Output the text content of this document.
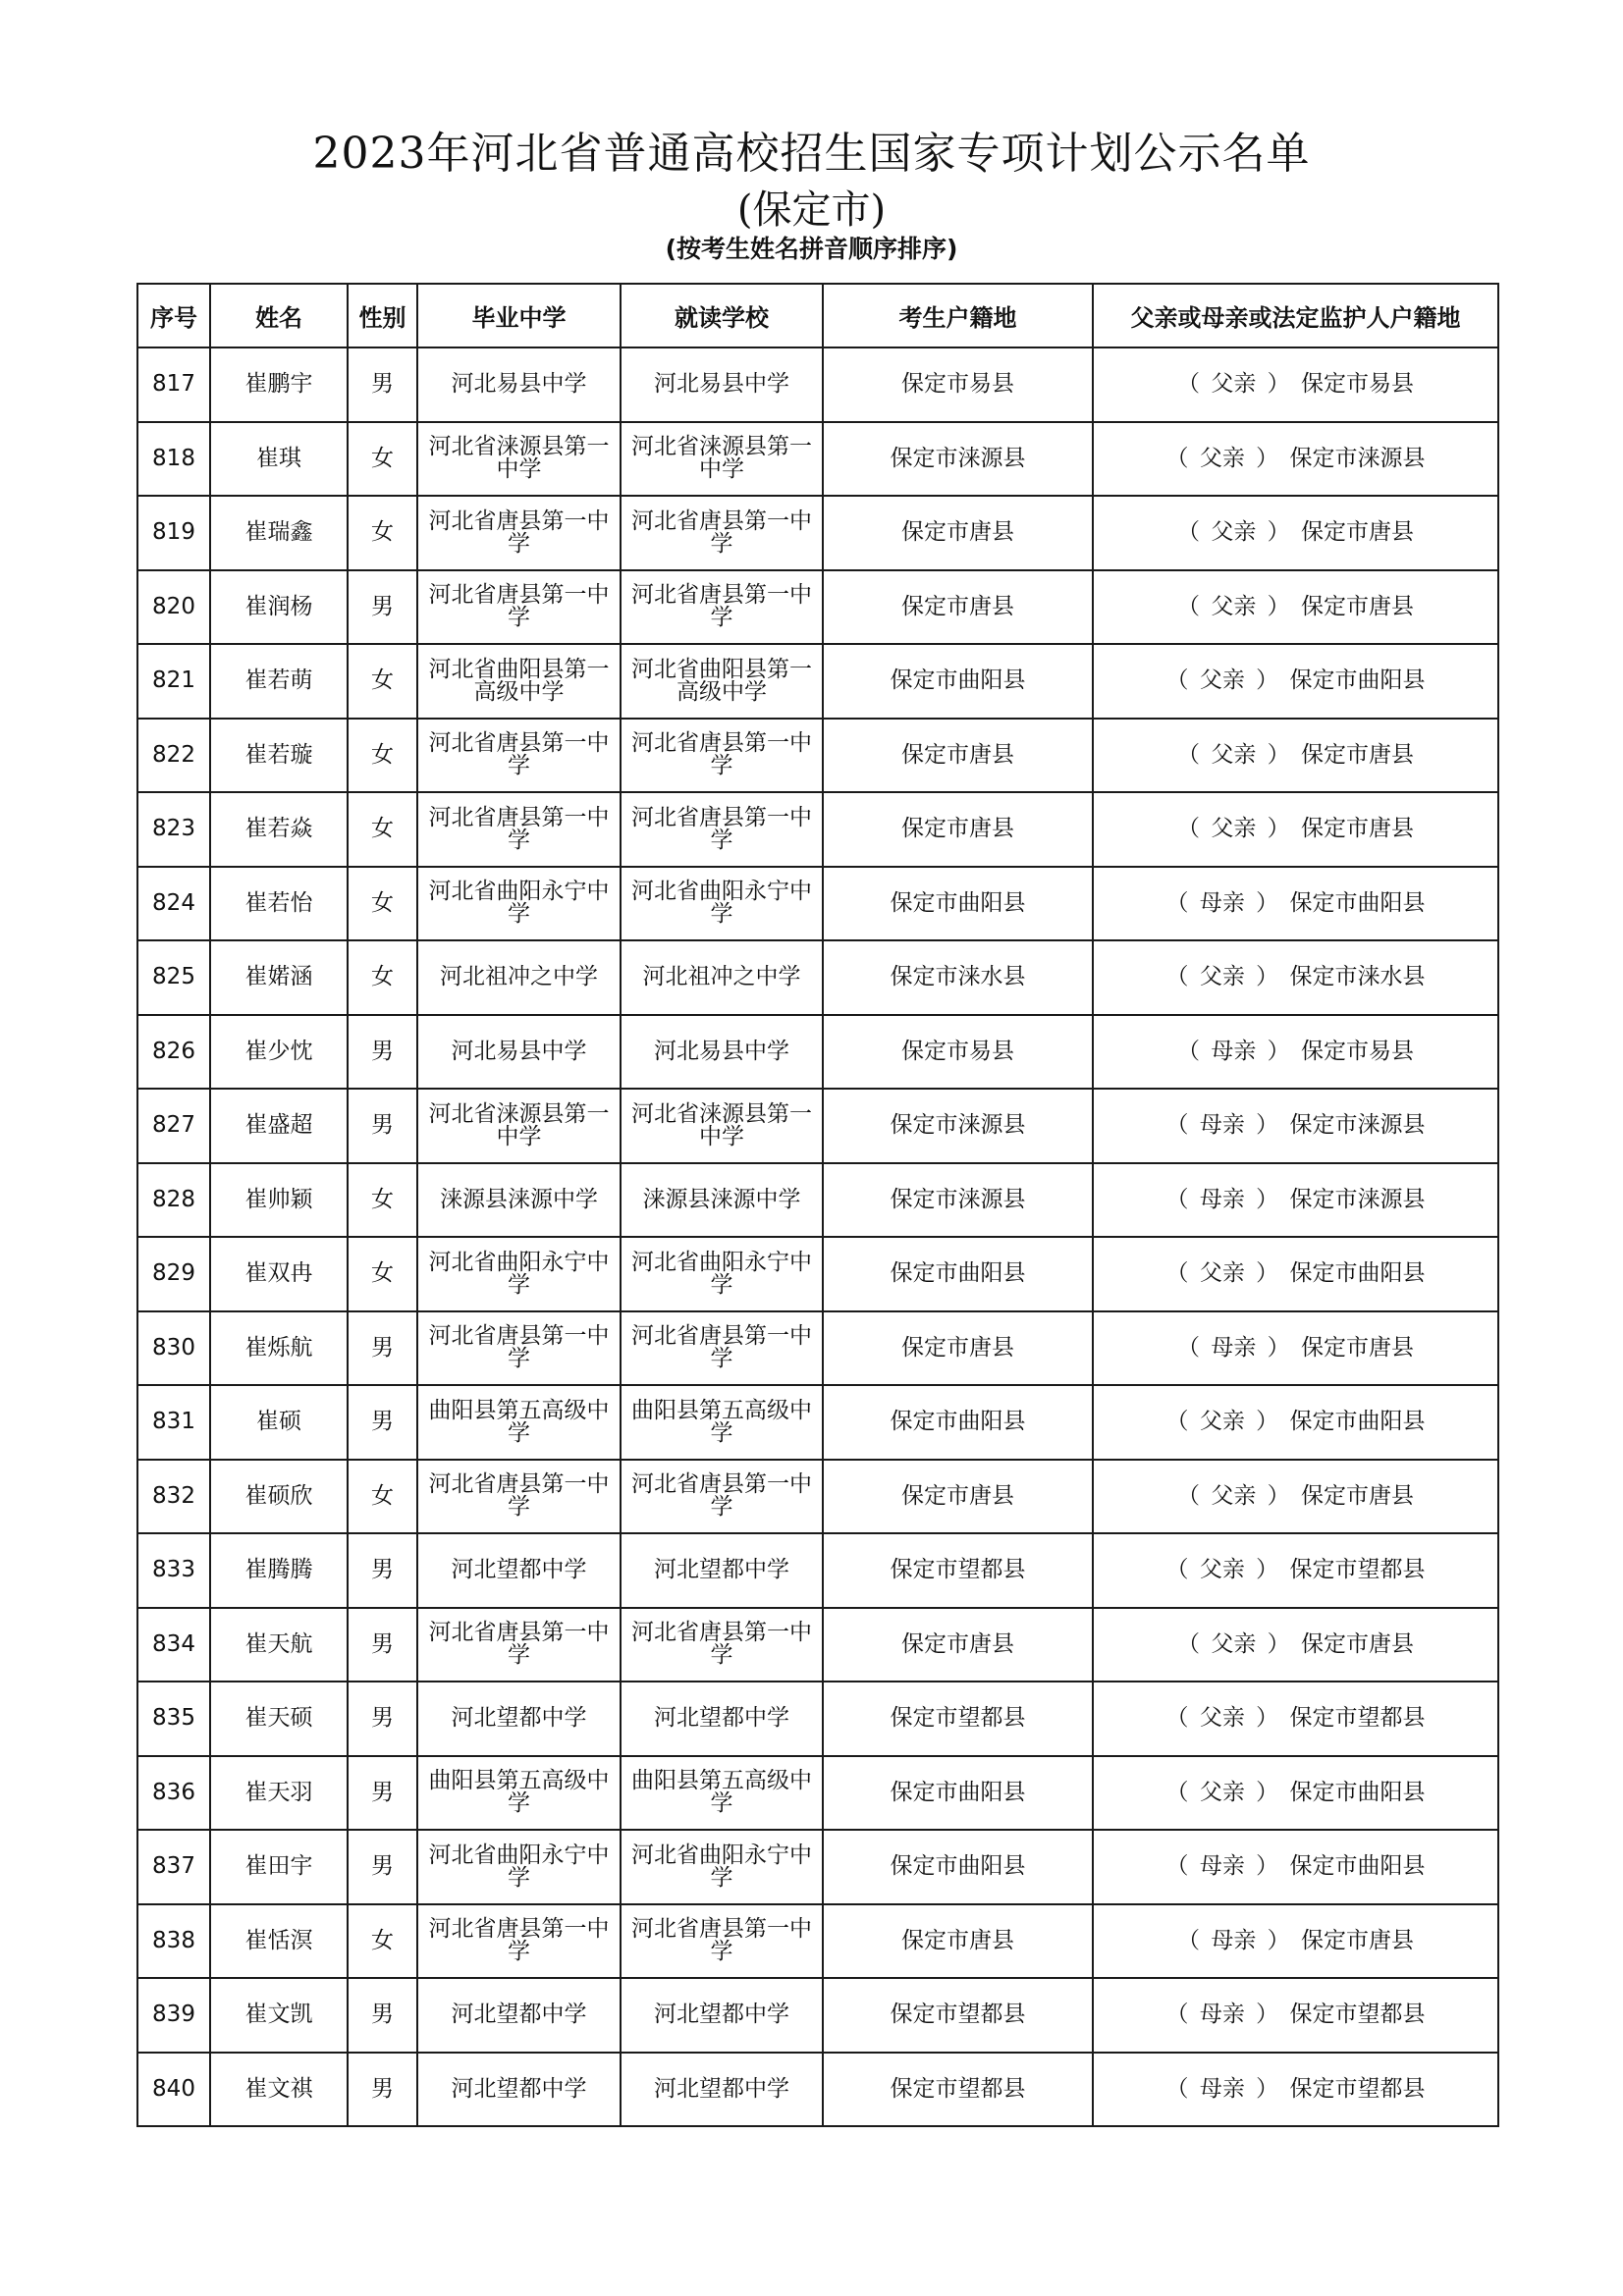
2023年河北省普通高校招生国家专项计划公示名单
(保定市)
(按考生姓名拼音顺序排序)
序号	姓名	性别	毕业中学	就读学校	考生户籍地	父亲或母亲或法定监护人户籍地
817	崔鹏宇	男	河北易县中学	河北易县中学	保定市易县	（ 父亲 ） 保定市易县
818	崔琪	女	河北省涞源县第一中学	河北省涞源县第一中学	保定市涞源县	（ 父亲 ） 保定市涞源县
819	崔瑞鑫	女	河北省唐县第一中学	河北省唐县第一中学	保定市唐县	（ 父亲 ） 保定市唐县
820	崔润杨	男	河北省唐县第一中学	河北省唐县第一中学	保定市唐县	（ 父亲 ） 保定市唐县
821	崔若萌	女	河北省曲阳县第一高级中学	河北省曲阳县第一高级中学	保定市曲阳县	（ 父亲 ） 保定市曲阳县
822	崔若璇	女	河北省唐县第一中学	河北省唐县第一中学	保定市唐县	（ 父亲 ） 保定市唐县
823	崔若焱	女	河北省唐县第一中学	河北省唐县第一中学	保定市唐县	（ 父亲 ） 保定市唐县
824	崔若怡	女	河北省曲阳永宁中学	河北省曲阳永宁中学	保定市曲阳县	（ 母亲 ） 保定市曲阳县
825	崔婼涵	女	河北祖冲之中学	河北祖冲之中学	保定市涞水县	（ 父亲 ） 保定市涞水县
826	崔少忱	男	河北易县中学	河北易县中学	保定市易县	（ 母亲 ） 保定市易县
827	崔盛超	男	河北省涞源县第一中学	河北省涞源县第一中学	保定市涞源县	（ 母亲 ） 保定市涞源县
828	崔帅颖	女	涞源县涞源中学	涞源县涞源中学	保定市涞源县	（ 母亲 ） 保定市涞源县
829	崔双冉	女	河北省曲阳永宁中学	河北省曲阳永宁中学	保定市曲阳县	（ 父亲 ） 保定市曲阳县
830	崔烁航	男	河北省唐县第一中学	河北省唐县第一中学	保定市唐县	（ 母亲 ） 保定市唐县
831	崔硕	男	曲阳县第五高级中学	曲阳县第五高级中学	保定市曲阳县	（ 父亲 ） 保定市曲阳县
832	崔硕欣	女	河北省唐县第一中学	河北省唐县第一中学	保定市唐县	（ 父亲 ） 保定市唐县
833	崔腾腾	男	河北望都中学	河北望都中学	保定市望都县	（ 父亲 ） 保定市望都县
834	崔天航	男	河北省唐县第一中学	河北省唐县第一中学	保定市唐县	（ 父亲 ） 保定市唐县
835	崔天硕	男	河北望都中学	河北望都中学	保定市望都县	（ 父亲 ） 保定市望都县
836	崔天羽	男	曲阳县第五高级中学	曲阳县第五高级中学	保定市曲阳县	（ 父亲 ） 保定市曲阳县
837	崔田宇	男	河北省曲阳永宁中学	河北省曲阳永宁中学	保定市曲阳县	（ 母亲 ） 保定市曲阳县
838	崔恬溟	女	河北省唐县第一中学	河北省唐县第一中学	保定市唐县	（ 母亲 ） 保定市唐县
839	崔文凯	男	河北望都中学	河北望都中学	保定市望都县	（ 母亲 ） 保定市望都县
840	崔文祺	男	河北望都中学	河北望都中学	保定市望都县	（ 母亲 ） 保定市望都县
